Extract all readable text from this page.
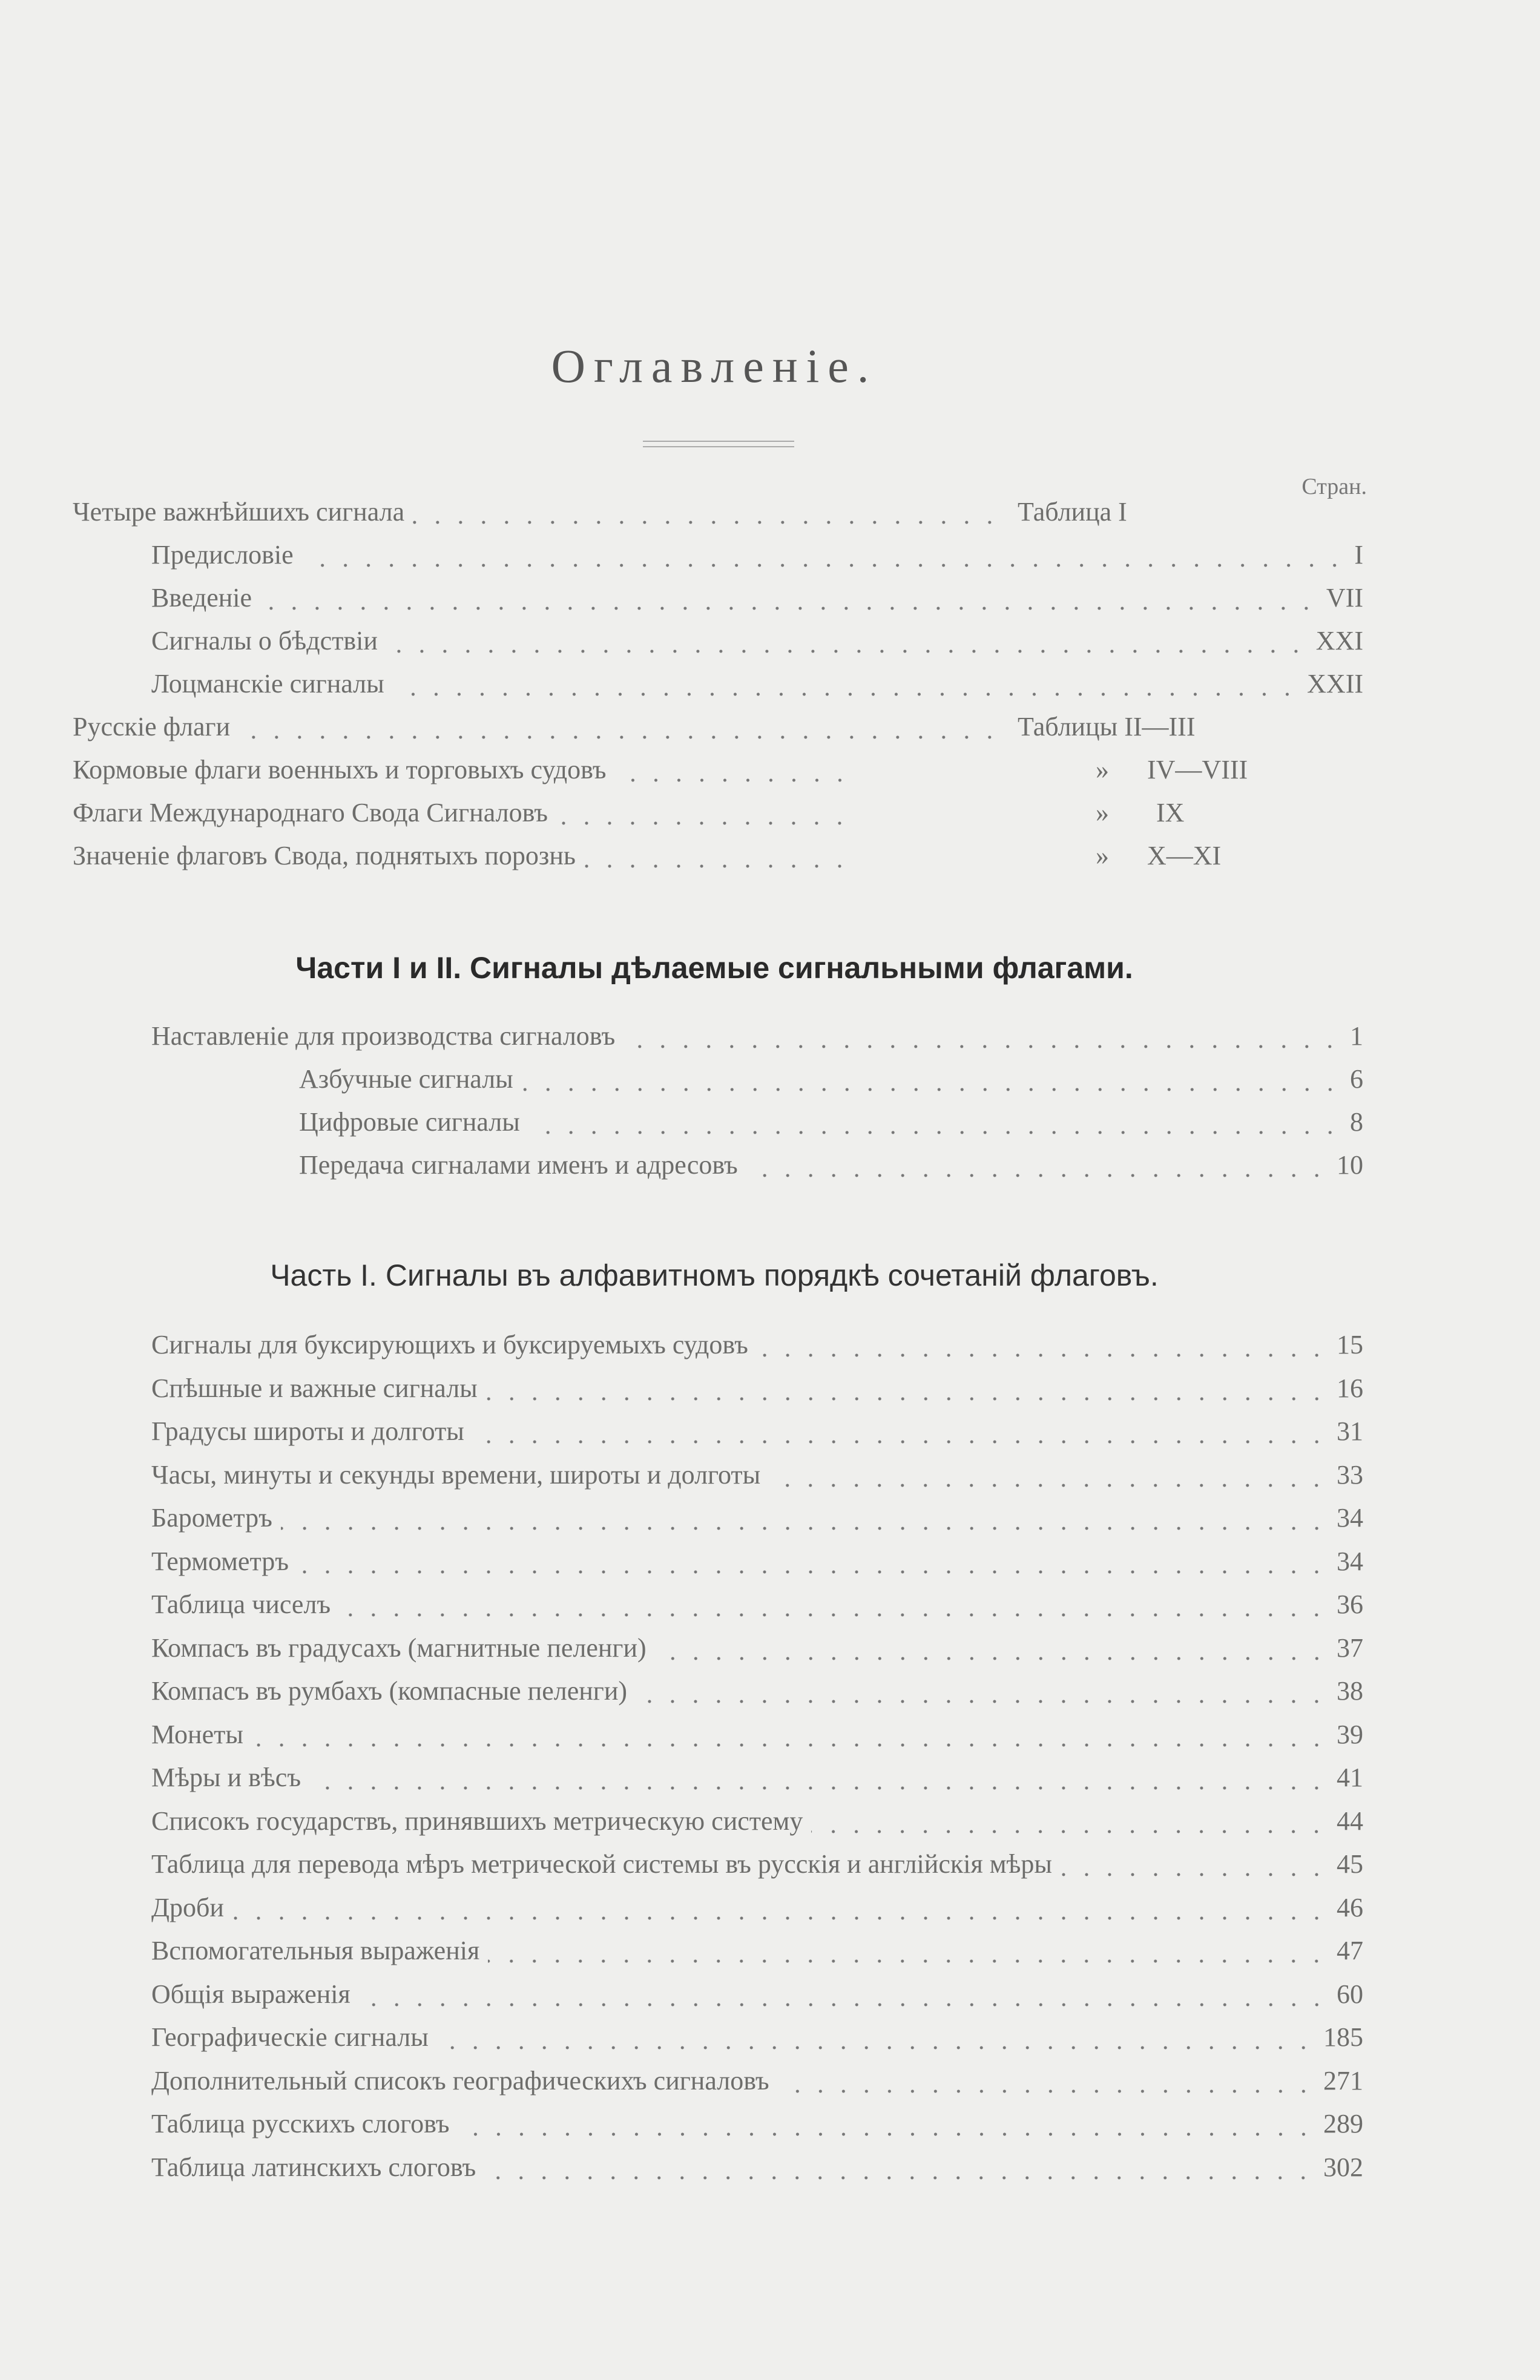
Оглавленіе.
Стран.
Четыре важнѣйшихъ сигнала	Таблица I
Предисловіе	I
Введеніе	VII
Сигналы о бѣдствіи	XXI
Лоцманскіе сигналы	XXII
Русскіе флаги	Таблицы II—III
Кормовые флаги военныхъ и торговыхъ судовъ	» IV—VIII
Флаги Международнаго Свода Сигналовъ	» IX
Значеніе флаговъ Свода, поднятыхъ порознь	» X—XI
Части I и II. Сигналы дѣлаемые сигнальными флагами.
Наставленіе для производства сигналовъ	1
Азбучные сигналы	6
Цифровые сигналы	8
Передача сигналами именъ и адресовъ	10
Часть I. Сигналы въ алфавитномъ порядкѣ сочетаній флаговъ.
Сигналы для буксирующихъ и буксируемыхъ судовъ	15
Спѣшные и важные сигналы	16
Градусы широты и долготы	31
Часы, минуты и секунды времени, широты и долготы	33
Барометръ	34
Термометръ	34
Таблица чиселъ	36
Компасъ въ градусахъ (магнитные пеленги)	37
Компасъ въ румбахъ (компасные пеленги)	38
Монеты	39
Мѣры и вѣсъ	41
Списокъ государствъ, принявшихъ метрическую систему	44
Таблица для перевода мѣръ метрической системы въ русскія и англійскія мѣры	45
Дроби	46
Вспомогательныя выраженія	47
Общія выраженія	60
Географическіе сигналы	185
Дополнительный списокъ географическихъ сигналовъ	271
Таблица русскихъ слоговъ	289
Таблица латинскихъ слоговъ	302
